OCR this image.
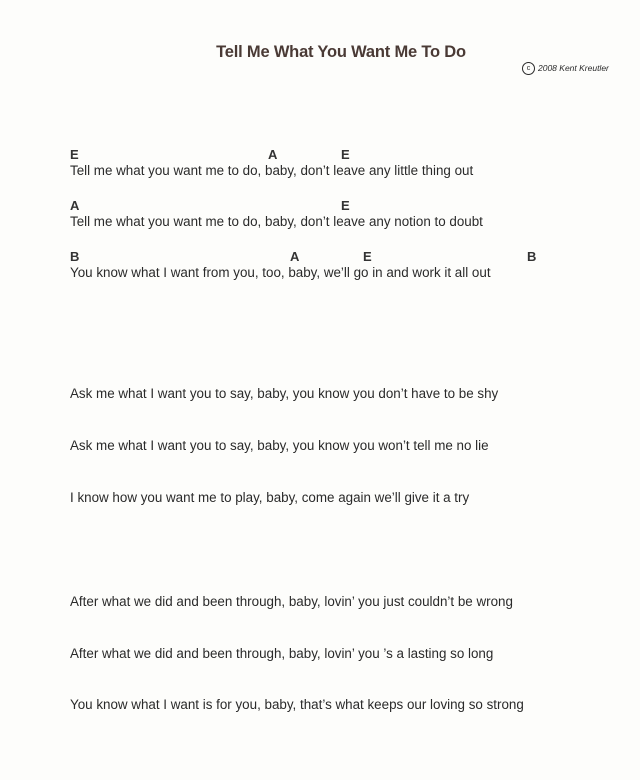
Tell Me What You Want Me To Do
c 2008 Kent Kreutler
E	A	E
Tell me what you want me to do, baby, don’t leave any little thing out
A	E
Tell me what you want me to do, baby, don’t leave any notion to doubt
B	A	E	B
You know what I want from you, too, baby, we’ll go in and work it all out
Ask me what I want you to say, baby, you know you don’t have to be shy
Ask me what I want you to say, baby, you know you won’t tell me no lie
I know how you want me to play, baby, come again we’ll give it a try
After what we did and been through, baby, lovin’ you just couldn’t be wrong
After what we did and been through, baby, lovin’ you ’s a lasting so long
You know what I want is for you, baby, that’s what keeps our loving so strong
